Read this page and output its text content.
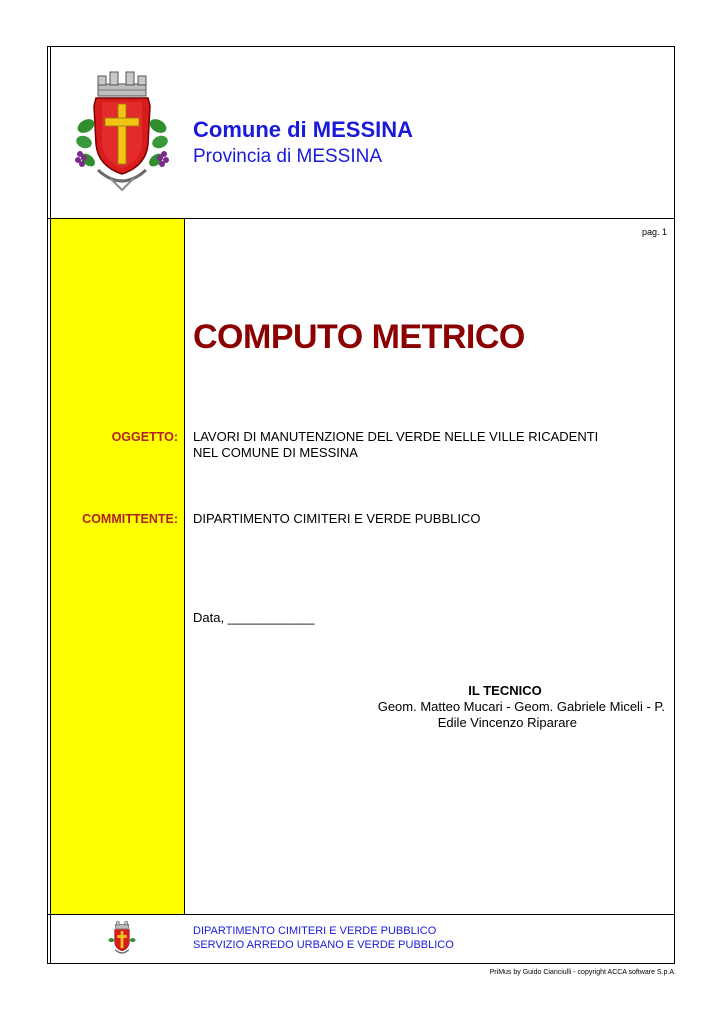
Comune di MESSINA
Provincia di MESSINA
pag. 1
COMPUTO METRICO
OGGETTO: LAVORI DI MANUTENZIONE DEL VERDE NELLE VILLE RICADENTI
NEL COMUNE DI MESSINA
COMMITTENTE: DIPARTIMENTO CIMITERI E VERDE PUBBLICO
Data, ____________
IL TECNICO
Geom. Matteo Mucari - Geom. Gabriele Miceli - P.
Edile Vincenzo Riparare
DIPARTIMENTO CIMITERI E VERDE PUBBLICO
SERVIZIO ARREDO URBANO E VERDE PUBBLICO
PriMus by Guido Cianciulli - copyright ACCA software S.p.A.
